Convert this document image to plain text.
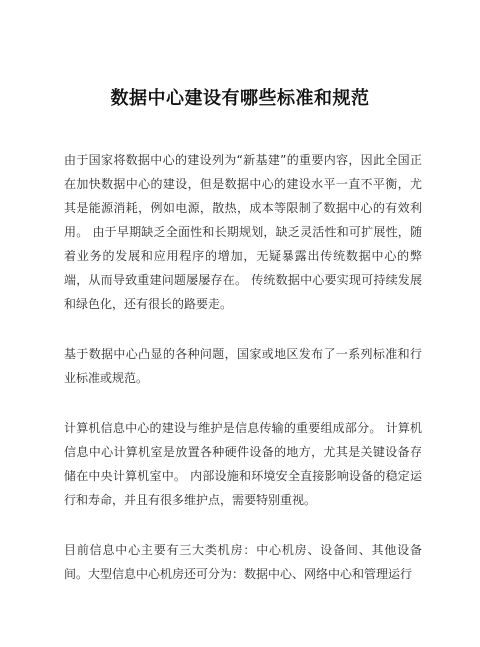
数据中心建设有哪些标准和规范

由于国家将数据中心的建设列为“新基建”的重要内容，因此全国正在加快数据中心的建设，但是数据中心的建设水平一直不平衡，尤其是能源消耗，例如电源，散热，成本等限制了数据中心的有效利用。 由于早期缺乏全面性和长期规划，缺乏灵活性和可扩展性，随着业务的发展和应用程序的增加，无疑暴露出传统数据中心的弊端，从而导致重建问题屡屡存在。 传统数据中心要实现可持续发展和绿色化，还有很长的路要走。

基于数据中心凸显的各种问题，国家或地区发布了一系列标准和行业标准或规范。

计算机信息中心的建设与维护是信息传输的重要组成部分。 计算机信息中心计算机室是放置各种硬件设备的地方，尤其是关键设备存储在中央计算机室中。 内部设施和环境安全直接影响设备的稳定运行和寿命，并且有很多维护点，需要特别重视。

目前信息中心主要有三大类机房：中心机房、设备间、其他设备间。大型信息中心机房还可分为：数据中心、网络中心和管理运行
